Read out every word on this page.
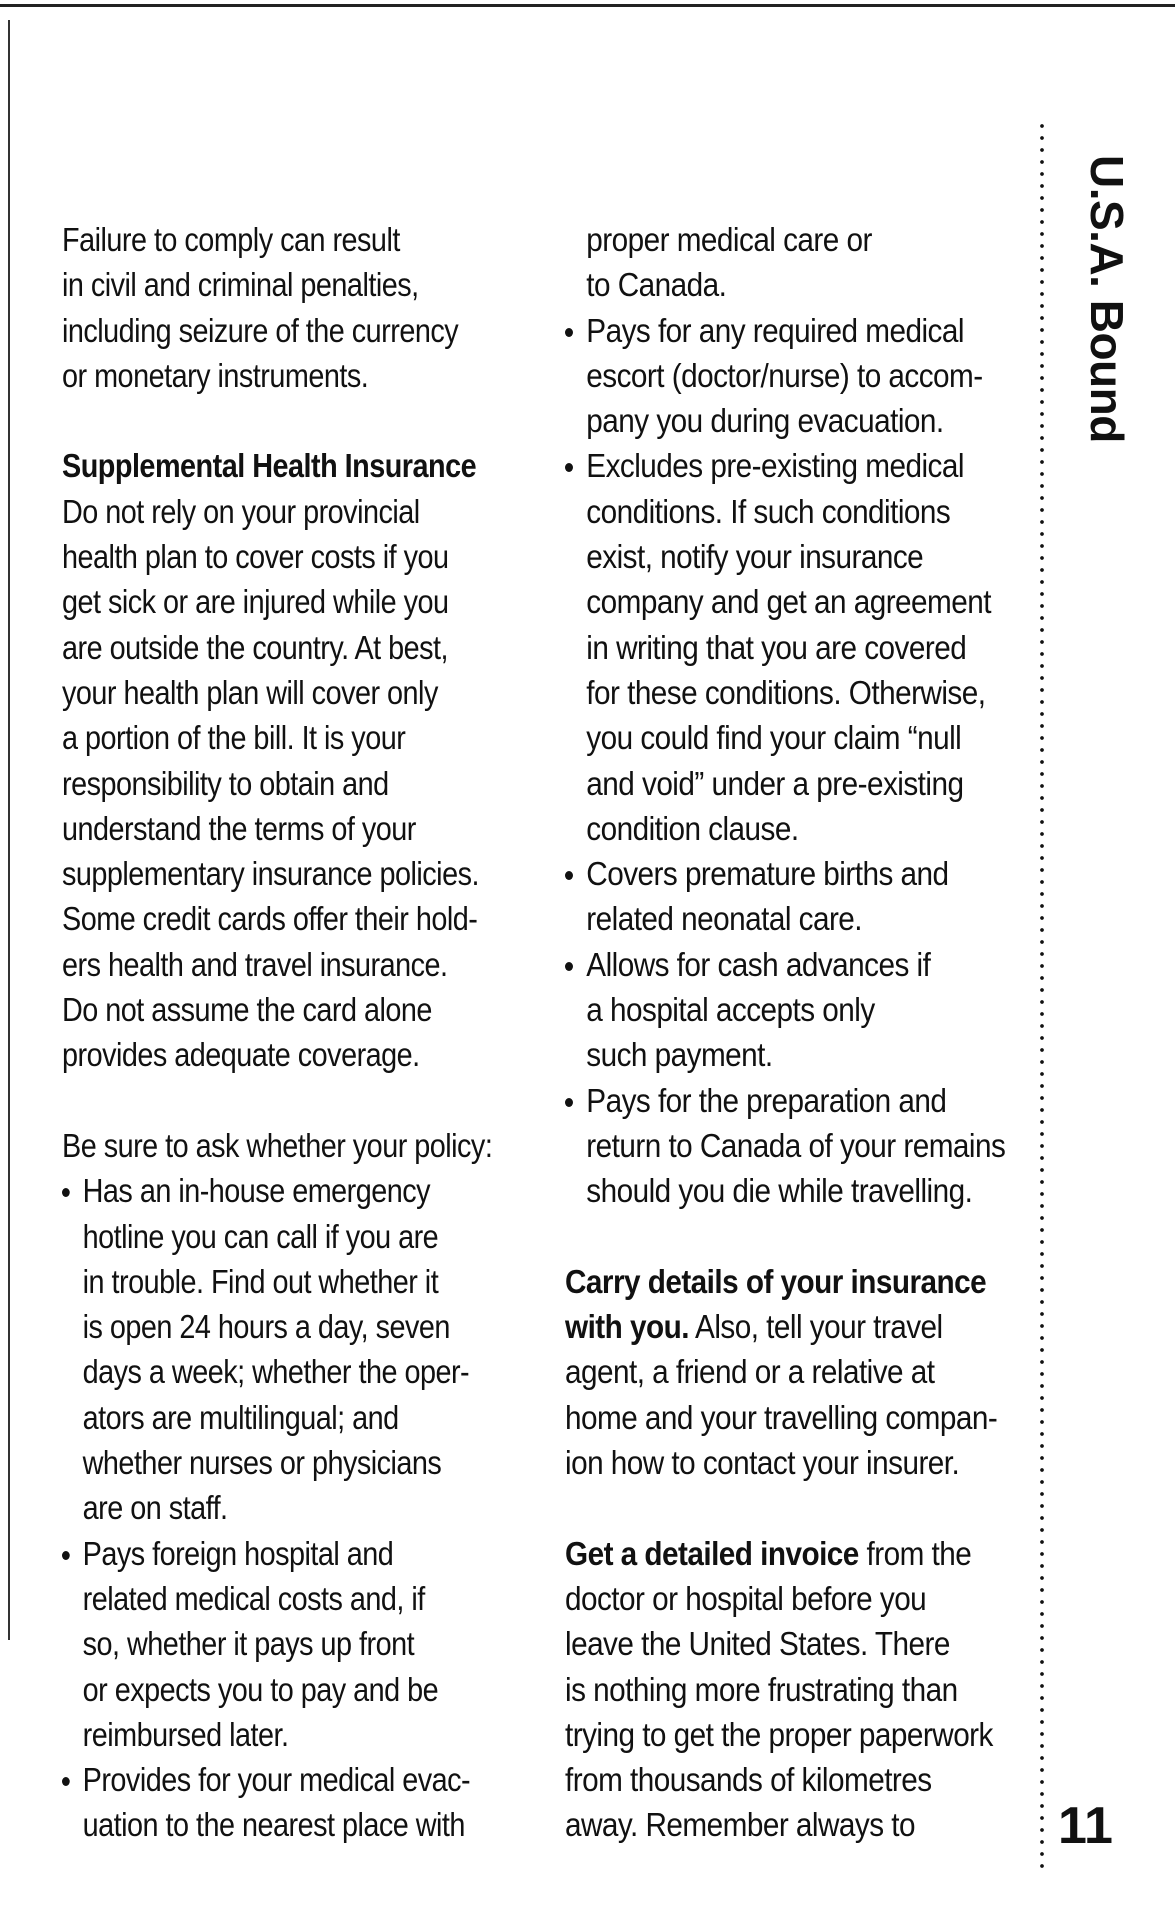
Failure to comply can result
in civil and criminal penalties,
including seizure of the currency
or monetary instruments.
Supplemental Health Insurance
Do not rely on your provincial
health plan to cover costs if you
get sick or are injured while you
are outside the country. At best,
your health plan will cover only
a portion of the bill. It is your
responsibility to obtain and
understand the terms of your
supplementary insurance policies.
Some credit cards offer their hold-
ers health and travel insurance.
Do not assume the card alone
provides adequate coverage.
Be sure to ask whether your policy:
Has an in-house emergency
hotline you can call if you are
in trouble. Find out whether it
is open 24 hours a day, seven
days a week; whether the oper-
ators are multilingual; and
whether nurses or physicians
are on staff.
Pays foreign hospital and
related medical costs and, if
so, whether it pays up front
or expects you to pay and be
reimbursed later.
Provides for your medical evac-
uation to the nearest place with
proper medical care or
to Canada.
Pays for any required medical
escort (doctor/nurse) to accom-
pany you during evacuation.
Excludes pre-existing medical
conditions. If such conditions
exist, notify your insurance
company and get an agreement
in writing that you are covered
for these conditions. Otherwise,
you could find your claim “null
and void” under a pre-existing
condition clause.
Covers premature births and
related neonatal care.
Allows for cash advances if
a hospital accepts only
such payment.
Pays for the preparation and
return to Canada of your remains
should you die while travelling.
Carry details of your insurance
with you. Also, tell your travel
agent, a friend or a relative at
home and your travelling compan-
ion how to contact your insurer.
Get a detailed invoice from the
doctor or hospital before you
leave the United States. There
is nothing more frustrating than
trying to get the proper paperwork
from thousands of kilometres
away. Remember always to
U.S.A. Bound
11
